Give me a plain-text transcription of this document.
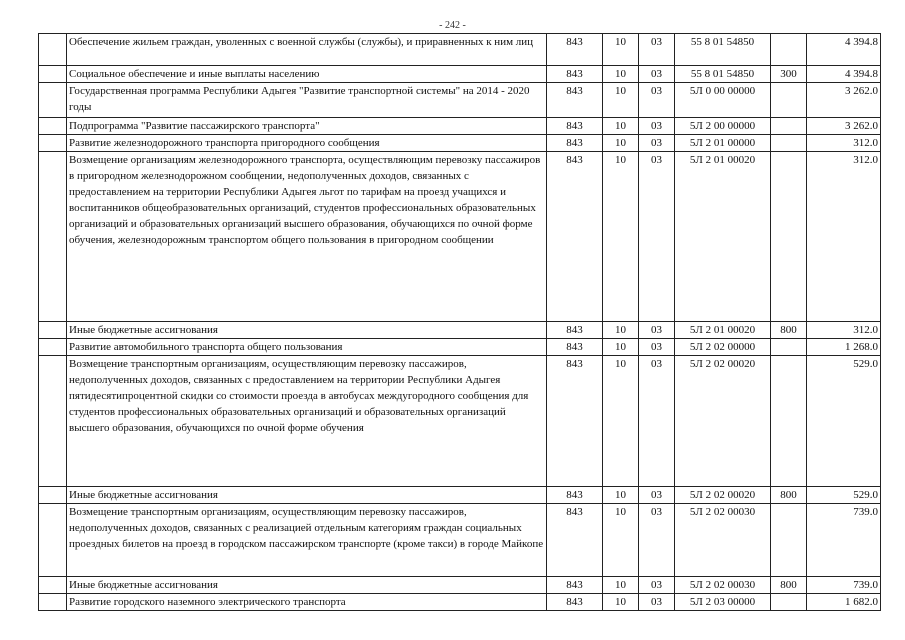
- 242 -
	Обеспечение жильем граждан, уволенных с военной службы (службы), и приравненных к ним лиц	843	10	03	55 8 01 54850		4 394.8
	Социальное обеспечение и иные выплаты населению	843	10	03	55 8 01 54850	300	4 394.8
	Государственная программа Республики Адыгея "Развитие транспортной системы" на 2014 - 2020 годы	843	10	03	5Л 0 00 00000		3 262.0
	Подпрограмма "Развитие пассажирского транспорта"	843	10	03	5Л 2 00 00000		3 262.0
	Развитие железнодорожного транспорта пригородного сообщения	843	10	03	5Л 2 01 00000		312.0
	Возмещение организациям железнодорожного транспорта, осуществляющим перевозку пассажиров в пригородном железнодорожном сообщении, недополученных доходов, связанных с предоставлением на территории Республики Адыгея льгот по тарифам на проезд учащихся и воспитанников общеобразовательных организаций, студентов профессиональных образовательных организаций и образовательных организаций высшего образования, обучающихся по очной форме обучения, железнодорожным транспортом общего пользования в пригородном сообщении	843	10	03	5Л 2 01 00020		312.0
	Иные бюджетные ассигнования	843	10	03	5Л 2 01 00020	800	312.0
	Развитие автомобильного транспорта общего пользования	843	10	03	5Л 2 02 00000		1 268.0
	Возмещение транспортным организациям, осуществляющим перевозку пассажиров, недополученных доходов, связанных с предоставлением на территории Республики Адыгея пятидесятипроцентной скидки со стоимости проезда в автобусах междугородного сообщения для студентов профессиональных образовательных организаций и образовательных организаций высшего образования, обучающихся по очной форме обучения	843	10	03	5Л 2 02 00020		529.0
	Иные бюджетные ассигнования	843	10	03	5Л 2 02 00020	800	529.0
	Возмещение транспортным организациям, осуществляющим перевозку пассажиров, недополученных доходов, связанных с реализацией отдельным категориям граждан социальных проездных билетов на проезд в городском пассажирском транспорте (кроме такси) в городе Майкопе	843	10	03	5Л 2 02 00030		739.0
	Иные бюджетные ассигнования	843	10	03	5Л 2 02 00030	800	739.0
	Развитие городского наземного электрического транспорта	843	10	03	5Л 2 03 00000		1 682.0
